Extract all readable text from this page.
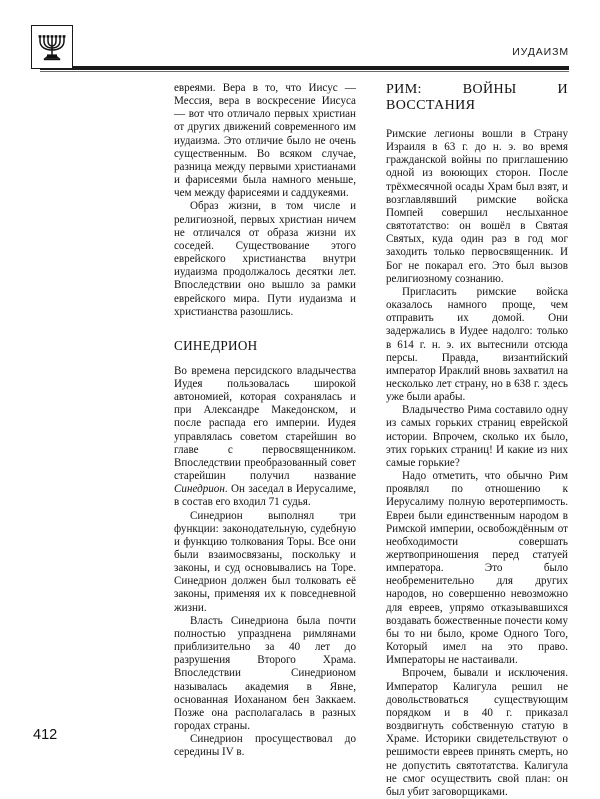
ИУДАИЗМ

евреями. Вера в то, что Иисус — Мессия, вера в воскресение Иисуса — вот что отличало первых христиан от других движений современного им иудаизма. Это отличие было не очень существенным. Во всяком случае, разница между первыми христианами и фарисеями была намного меньше, чем между фарисеями и саддукеями.

Образ жизни, в том числе и религиозной, первых христиан ничем не отличался от образа жизни их соседей. Существование этого еврейского христианства внутри иудаизма продолжалось десятки лет. Впоследствии оно вышло за рамки еврейского мира. Пути иудаизма и христианства разошлись.

СИНЕДРИОН

Во времена персидского владычества Иудея пользовалась широкой автономией, которая сохранялась и при Александре Македонском, и после распада его империи. Иудея управлялась советом старейшин во главе с первосвященником. Впоследствии преобразованный совет старейшин получил название Синедрион. Он заседал в Иерусалиме, в состав его входил 71 судья.

Синедрион выполнял три функции: законодательную, судебную и функцию толкования Торы. Все они были взаимосвязаны, поскольку и законы, и суд основывались на Торе. Синедрион должен был толковать её законы, применяя их к повседневной жизни.

Власть Синедриона была почти полностью упразднена римлянами приблизительно за 40 лет до разрушения Второго Храма. Впоследствии Синедрионом называлась академия в Явне, основанная Иохананом бен Заккаем. Позже она располагалась в разных городах страны.

Синедрион просуществовал до середины IV в.

РИМ: ВОЙНЫ И ВОССТАНИЯ

Римские легионы вошли в Страну Израиля в 63 г. до н. э. во время гражданской войны по приглашению одной из воюющих сторон. После трёхмесячной осады Храм был взят, и возглавлявший римские войска Помпей совершил неслыханное святотатство: он вошёл в Святая Святых, куда один раз в год мог заходить только первосвященник. И Бог не покарал его. Это был вызов религиозному сознанию.

Пригласить римские войска оказалось намного проще, чем отправить их домой. Они задержались в Иудее надолго: только в 614 г. н. э. их вытеснили отсюда персы. Правда, византийский император Ираклий вновь захватил на несколько лет страну, но в 638 г. здесь уже были арабы.

Владычество Рима составило одну из самых горьких страниц еврейской истории. Впрочем, сколько их было, этих горьких страниц! И какие из них самые горькие?

Надо отметить, что обычно Рим проявлял по отношению к Иерусалиму полную веротерпимость. Евреи были единственным народом в Римской империи, освобождённым от необходимости совершать жертвоприношения перед статуей императора. Это было необременительно для других народов, но совершенно невозможно для евреев, упрямо отказывавшихся воздавать божественные почести кому бы то ни было, кроме Одного Того, Который имел на это право. Императоры не настаивали.

Впрочем, бывали и исключения. Император Калигула решил не довольствоваться существующим порядком и в 40 г. приказал воздвигнуть собственную статую в Храме. Историки свидетельствуют о решимости евреев принять смерть, но не допустить святотатства. Калигула не смог осуществить свой план: он был убит заговорщиками.

412
